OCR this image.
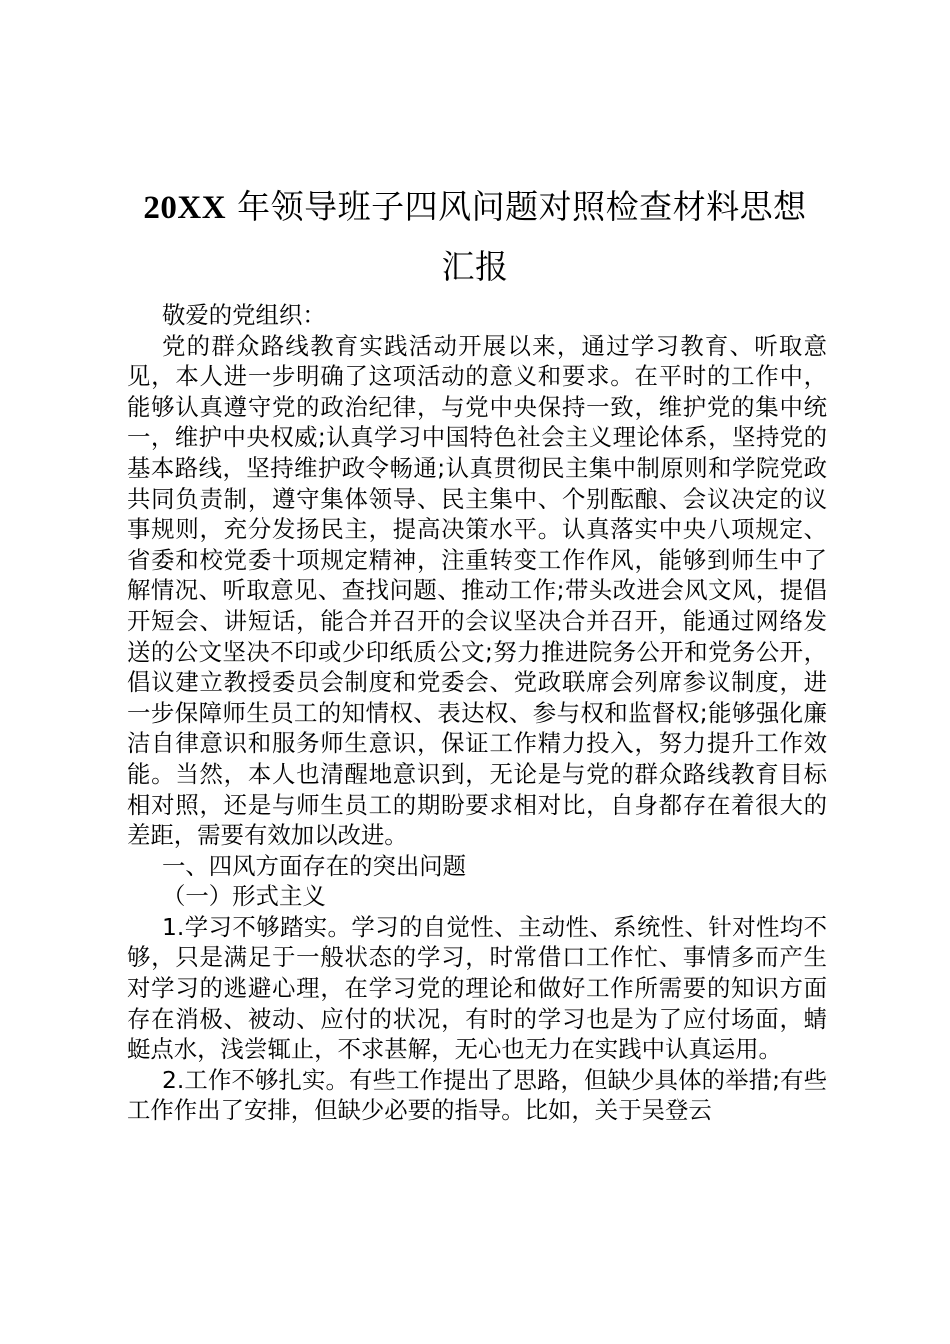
20XX 年领导班子四风问题对照检查材料思想
汇报

敬爱的党组织：

党的群众路线教育实践活动开展以来，通过学习教育、听取意见，本人进一步明确了这项活动的意义和要求。在平时的工作中，能够认真遵守党的政治纪律，与党中央保持一致，维护党的集中统一，维护中央权威;认真学习中国特色社会主义理论体系，坚持党的基本路线，坚持维护政令畅通;认真贯彻民主集中制原则和学院党政共同负责制，遵守集体领导、民主集中、个别酝酿、会议决定的议事规则，充分发扬民主，提高决策水平。认真落实中央八项规定、省委和校党委十项规定精神，注重转变工作作风，能够到师生中了解情况、听取意见、查找问题、推动工作;带头改进会风文风，提倡开短会、讲短话，能合并召开的会议坚决合并召开，能通过网络发送的公文坚决不印或少印纸质公文;努力推进院务公开和党务公开，倡议建立教授委员会制度和党委会、党政联席会列席参议制度，进一步保障师生员工的知情权、表达权、参与权和监督权;能够强化廉洁自律意识和服务师生意识，保证工作精力投入，努力提升工作效能。当然，本人也清醒地意识到，无论是与党的群众路线教育目标相对照，还是与师生员工的期盼要求相对比，自身都存在着很大的差距，需要有效加以改进。

一、四风方面存在的突出问题

（一）形式主义

1.学习不够踏实。学习的自觉性、主动性、系统性、针对性均不够，只是满足于一般状态的学习，时常借口工作忙、事情多而产生对学习的逃避心理，在学习党的理论和做好工作所需要的知识方面存在消极、被动、应付的状况，有时的学习也是为了应付场面，蜻蜓点水，浅尝辄止，不求甚解，无心也无力在实践中认真运用。

2.工作不够扎实。有些工作提出了思路，但缺少具体的举措;有些工作作出了安排，但缺少必要的指导。比如，关于吴登云
